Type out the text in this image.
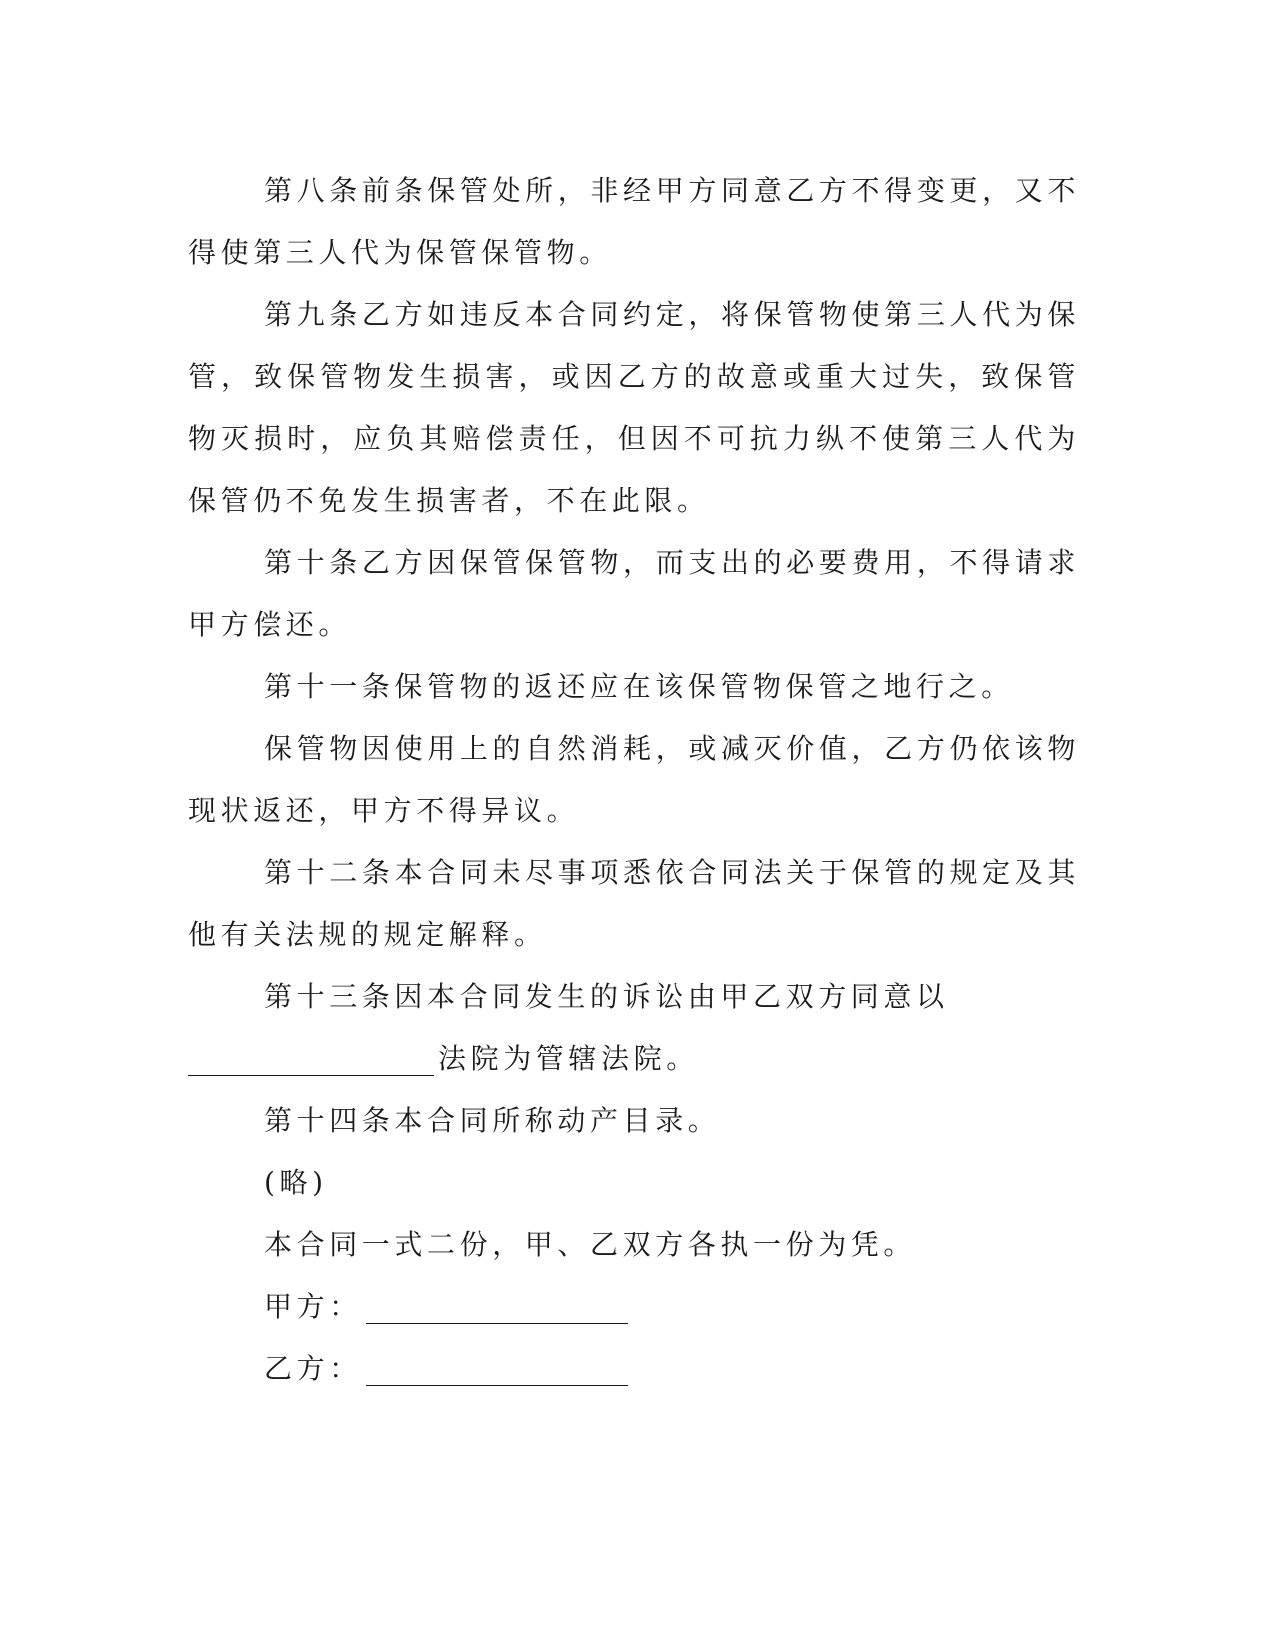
第八条前条保管处所，非经甲方同意乙方不得变更，又不得使第三人代为保管保管物。

第九条乙方如违反本合同约定，将保管物使第三人代为保管，致保管物发生损害，或因乙方的故意或重大过失，致保管物灭损时，应负其赔偿责任，但因不可抗力纵不使第三人代为保管仍不免发生损害者，不在此限。

第十条乙方因保管保管物，而支出的必要费用，不得请求甲方偿还。

第十一条保管物的返还应在该保管物保管之地行之。

保管物因使用上的自然消耗，或减灭价值，乙方仍依该物现状返还，甲方不得异议。

第十二条本合同未尽事项悉依合同法关于保管的规定及其他有关法规的规定解释。

第十三条因本合同发生的诉讼由甲乙双方同意以

法院为管辖法院。

第十四条本合同所称动产目录。

(略)

本合同一式二份，甲、乙双方各执一份为凭。

甲方：

乙方：
